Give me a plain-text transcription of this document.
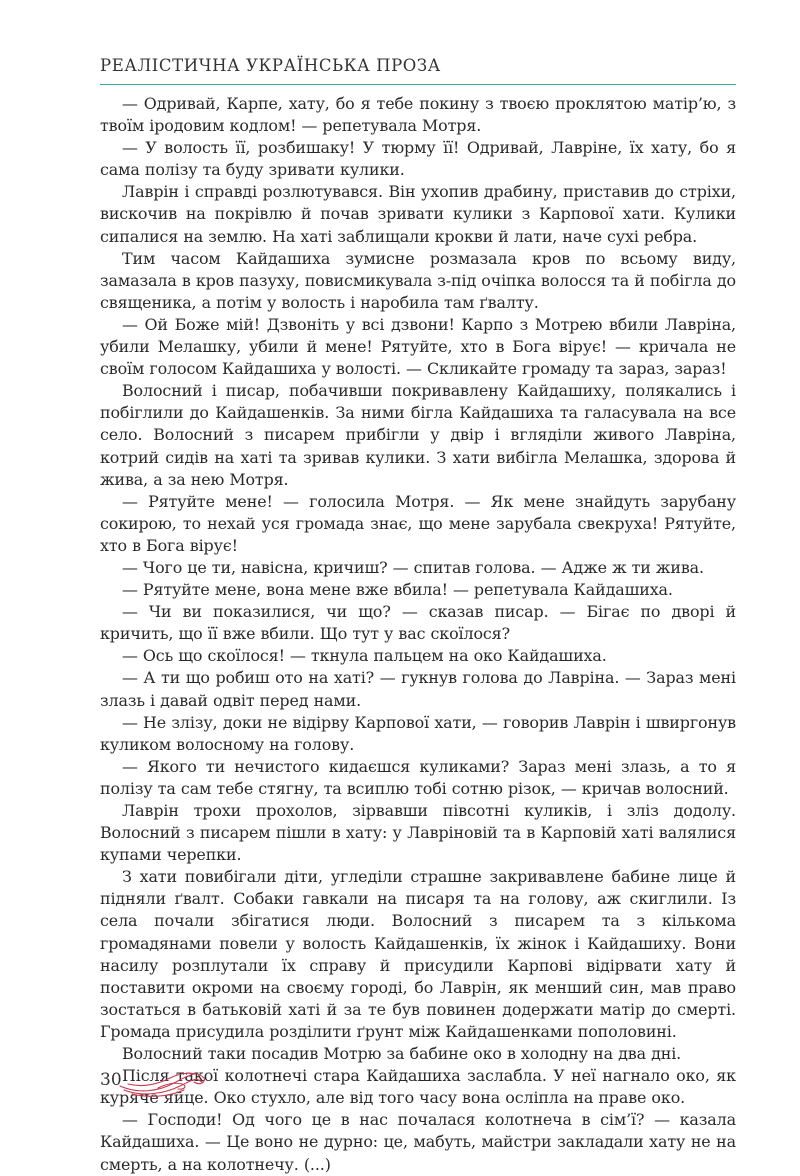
РЕАЛІСТИЧНА УКРАЇНСЬКА ПРОЗА

— Одривай, Карпе, хату, бо я тебе покину з твоєю проклятою матір’ю, з твоїм іродовим кодлом! — репетувала Мотря.

— У волость її, розбишаку! У тюрму її! Одривай, Лавріне, їх хату, бо я сама полізу та буду зривати кулики.

Лаврін і справді розлютувався. Він ухопив драбину, приставив до стріхи, вискочив на покрівлю й почав зривати кулики з Карпової хати. Кулики сипалися на землю. На хаті заблищали крокви й лати, наче сухі ребра.

Тим часом Кайдашиха зумисне розмазала кров по всьому виду, замазала в кров пазуху, повисмикувала з-під очіпка волосся та й побігла до священика, а потім у волость і наробила там ґвалту.

— Ой Боже мій! Дзвоніть у всі дзвони! Карпо з Мотрею вбили Лавріна, убили Мелашку, убили й мене! Рятуйте, хто в Бога вірує! — кричала не своїм голосом Кайдашиха у волості. — Скликайте громаду та зараз, зараз!

Волосний і писар, побачивши покривавлену Кайдашиху, полякались і побіглили до Кайдашенків. За ними бігла Кайдашиха та галасувала на все село. Волосний з писарем прибігли у двір і вгляділи живого Лавріна, котрий сидів на хаті та зривав кулики. З хати вибігла Мелашка, здорова й жива, а за нею Мотря.

— Рятуйте мене! — голосила Мотря. — Як мене знайдуть зарубану сокирою, то нехай уся громада знає, що мене зарубала свекруха! Рятуйте, хто в Бога вірує!

— Чого це ти, навісна, кричиш? — спитав голова. — Адже ж ти жива.

— Рятуйте мене, вона мене вже вбила! — репетувала Кайдашиха.

— Чи ви показилися, чи що? — сказав писар. — Бігає по дворі й кричить, що її вже вбили. Що тут у вас скоїлося?

— Ось що скоїлося! — ткнула пальцем на око Кайдашиха.

— А ти що робиш ото на хаті? — гукнув голова до Лавріна. — Зараз мені злазь і давай одвіт перед нами.

— Не злізу, доки не відірву Карпової хати, — говорив Лаврін і швиргонув куликом волосному на голову.

— Якого ти нечистого кидаєшся куликами? Зараз мені злазь, а то я полізу та сам тебе стягну, та всиплю тобі сотню різок, — кричав волосний.

Лаврін трохи прохолов, зірвавши півсотні куликів, і зліз додолу. Волосний з писарем пішли в хату: у Лавріновій та в Карповій хаті валялися купами черепки.

З хати повибігали діти, угледіли страшне закривавлене бабине лице й підняли ґвалт. Собаки гавкали на писаря та на голову, аж скиглили. Із села почали збігатися люди. Волосний з писарем та з кількома громадянами повели у волость Кайдашенків, їх жінок і Кайдашиху. Вони насилу розплутали їх справу й присудили Карпові відірвати хату й поставити окроми на своєму городі, бо Лаврін, як менший син, мав право зостаться в батьковій хаті й за те був повинен додержати матір до смерті. Громада присудила розділити ґрунт між Кайдашенками пополовині.

Волосний таки посадив Мотрю за бабине око в холодну на два дні.

Після такої колотнечі стара Кайдашиха заслабла. У неї нагнало око, як куряче яйце. Око стухло, але від того часу вона осліпла на праве око.

— Господи! Од чого це в нас почалася колотнеча в сім’ї? — казала Кайдашиха. — Це воно не дурно: це, мабуть, майстри закладали хату не на смерть, а на колотнечу. (...)

30
